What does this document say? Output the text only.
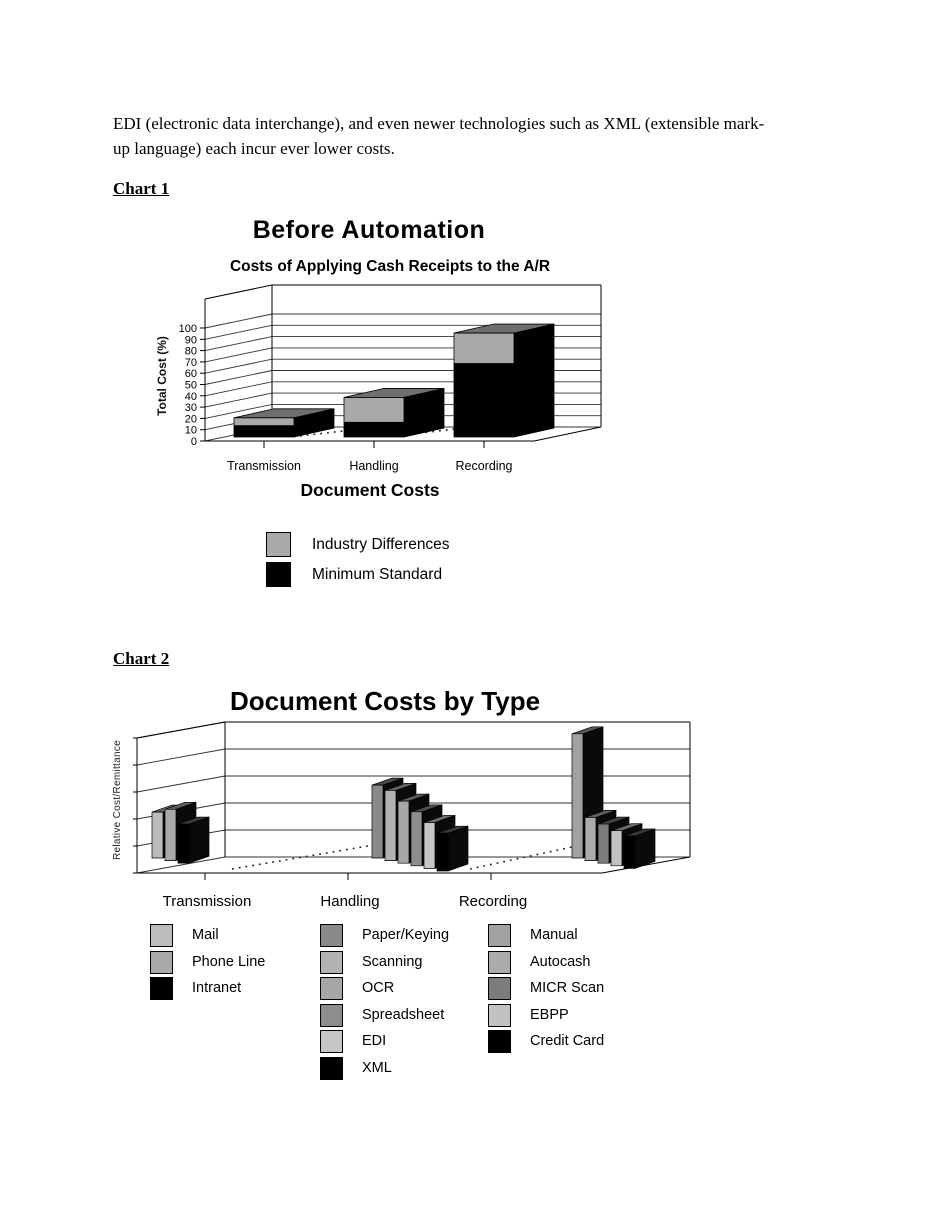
EDI (electronic data interchange), and even newer technologies such as XML (extensible mark-
up language) each incur ever lower costs.
Chart 1
Before Automation
Costs of Applying Cash Receipts to the A/R
Total Cost (%)
0
10
20
30
40
50
60
70
80
90
100
Transmission	Handling	Recording
Document Costs
Industry Differences
Minimum Standard
Chart 2
Document Costs by Type
Relative Cost/Remittance
Transmission	Handling	Recording
Mail
Phone Line
Intranet
Paper/Keying
Scanning
OCR
Spreadsheet
EDI
XML
Manual
Autocash
MICR Scan
EBPP
Credit Card
